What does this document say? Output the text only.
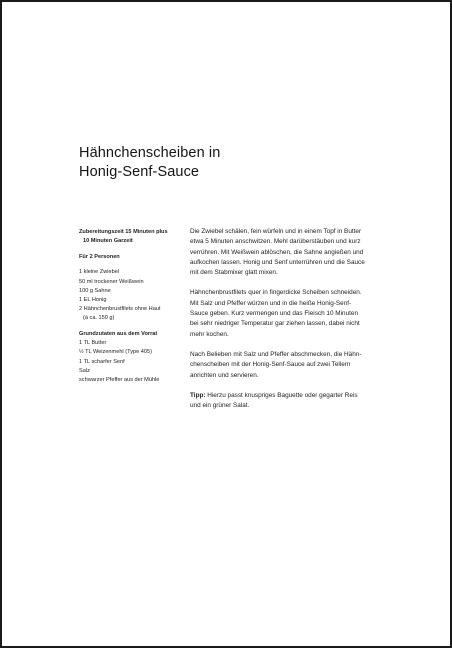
Hähnchenscheiben in
Honig-Senf-Sauce
Zubereitungszeit 15 Minuten plus
10 Minuten Garzeit
Für 2 Personen
1 kleine Zwiebel
50 ml trockener Weißwein
100 g Sahne
1 EL Honig
2 Hähnchenbrustfilets ohne Haut
(à ca. 150 g)
Grundzutaten aus dem Vorrat
1 TL Butter
½ TL Weizenmehl (Type 405)
1 TL scharfer Senf
Salz
schwarzer Pfeffer aus der Mühle
Die Zwiebel schälen, fein würfeln und in einem Topf in Butter
etwa 5 Minuten anschwitzen. Mehl darüberstäuben und kurz
verrühren. Mit Weißwein ablöschen, die Sahne angießen und
aufkochen lassen. Honig und Senf unterrühren und die Sauce
mit dem Stabmixer glatt mixen.
Hähnchenbrustfilets quer in fingerdicke Scheiben schneiden.
Mit Salz und Pfeffer würzen und in die heiße Honig-Senf-
Sauce geben. Kurz vermengen und das Fleisch 10 Minuten
bei sehr niedriger Temperatur gar ziehen lassen, dabei nicht
mehr kochen.
Nach Belieben mit Salz und Pfeffer abschmecken, die Hähn-
chenscheiben mit der Honig-Senf-Sauce auf zwei Tellern
anrichten und servieren.
Tipp: Hierzu passt knuspriges Baguette oder gegarter Reis
und ein grüner Salat.
